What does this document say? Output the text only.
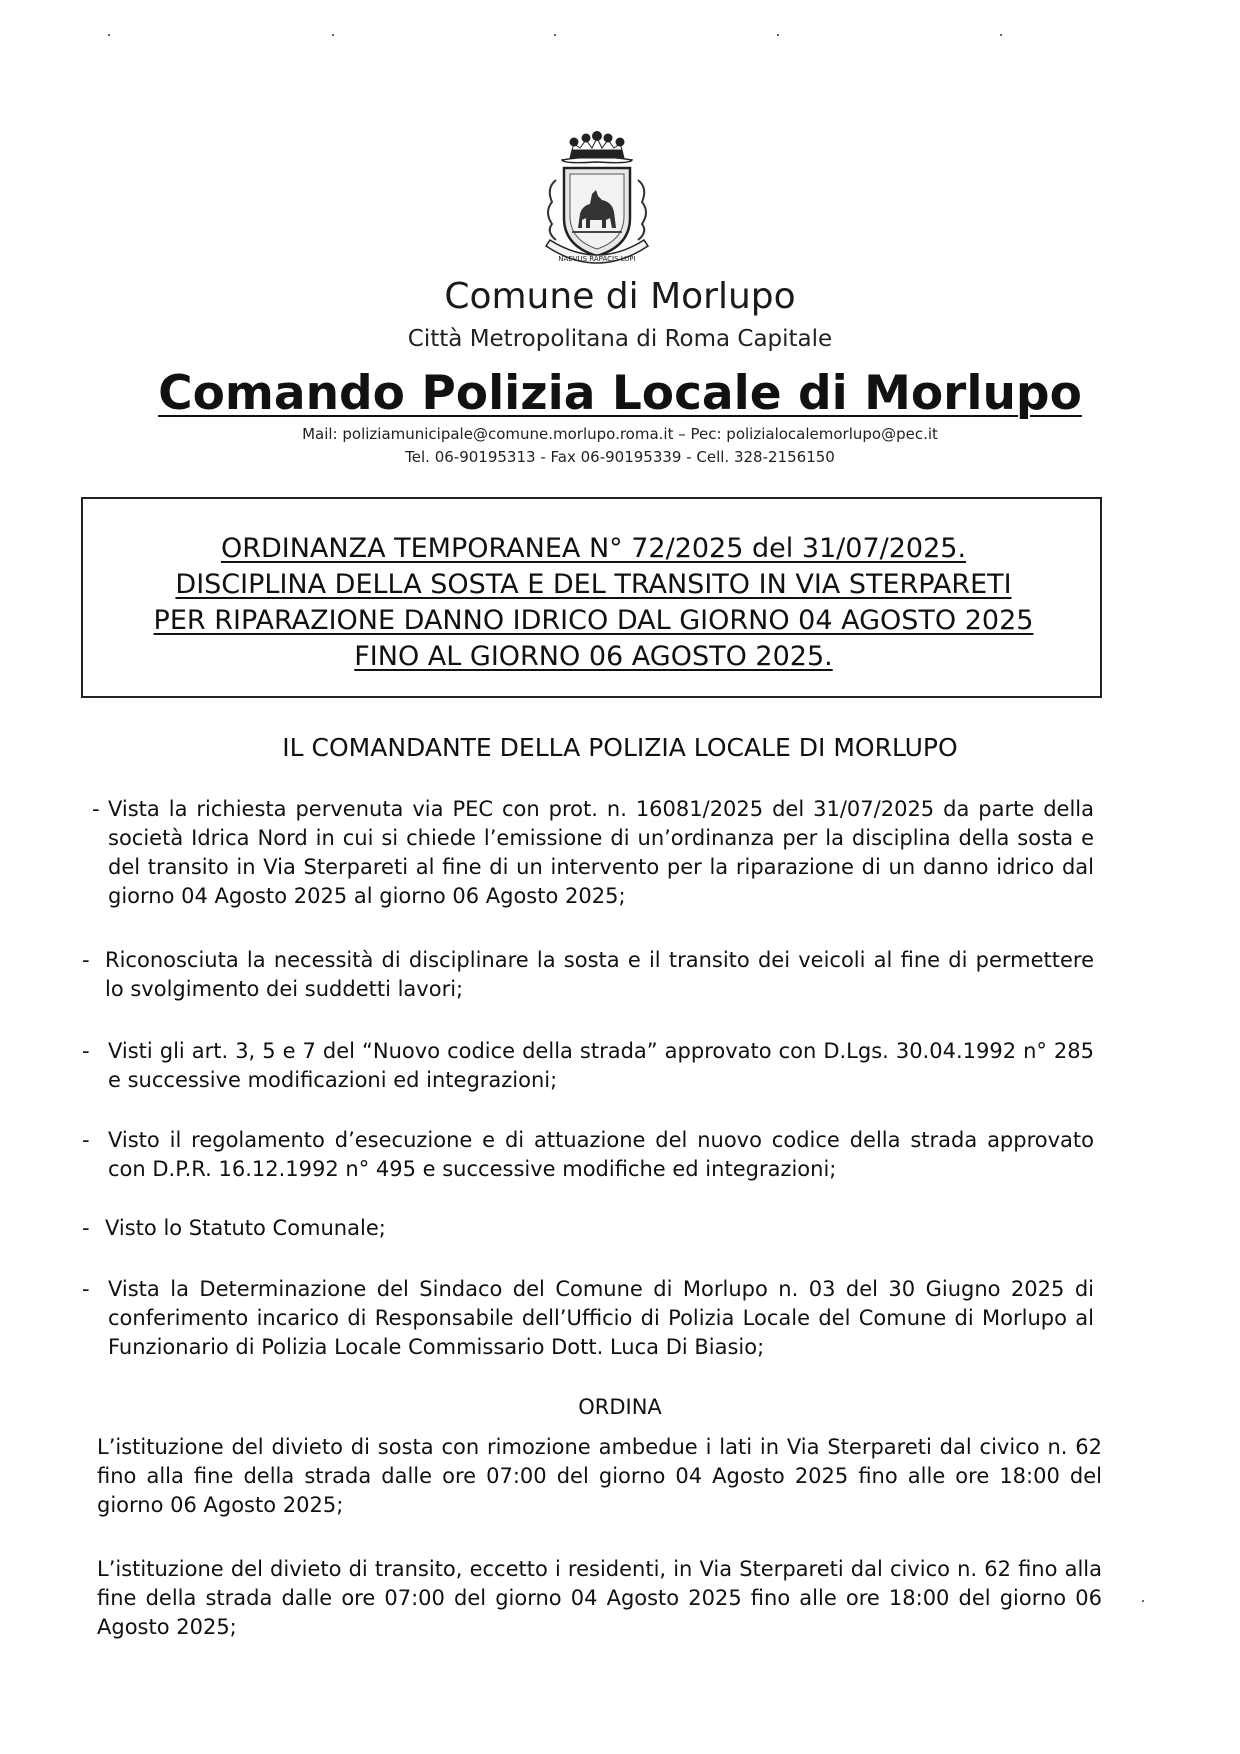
NAEVUS RAPACIS LUPI
Comune di Morlupo
Città Metropolitana di Roma Capitale
Comando Polizia Locale di Morlupo
Mail: poliziamunicipale@comune.morlupo.roma.it – Pec: polizialocalemorlupo@pec.it
Tel. 06-90195313 - Fax 06-90195339 - Cell. 328-2156150
ORDINANZA TEMPORANEA N° 72/2025 del 31/07/2025.
DISCIPLINA DELLA SOSTA E DEL TRANSITO IN VIA STERPARETI
PER RIPARAZIONE DANNO IDRICO DAL GIORNO 04 AGOSTO 2025
FINO AL GIORNO 06 AGOSTO 2025.
IL COMANDANTE DELLA POLIZIA LOCALE DI MORLUPO
- Vista la richiesta pervenuta via PEC con prot. n. 16081/2025 del 31/07/2025 da parte della società Idrica Nord in cui si chiede l’emissione di un’ordinanza per la disciplina della sosta e del transito in Via Sterpareti al fine di un intervento per la riparazione di un danno idrico dal giorno 04 Agosto 2025 al giorno 06 Agosto 2025;
- Riconosciuta la necessità di disciplinare la sosta e il transito dei veicoli al fine di permettere lo svolgimento dei suddetti lavori;
- Visti gli art. 3, 5 e 7 del “Nuovo codice della strada” approvato con D.Lgs. 30.04.1992 n° 285 e successive modificazioni ed integrazioni;
- Visto il regolamento d’esecuzione e di attuazione del nuovo codice della strada approvato con D.P.R. 16.12.1992 n° 495 e successive modifiche ed integrazioni;
- Visto lo Statuto Comunale;
- Vista la Determinazione del Sindaco del Comune di Morlupo n. 03 del 30 Giugno 2025 di conferimento incarico di Responsabile dell’Ufficio di Polizia Locale del Comune di Morlupo al Funzionario di Polizia Locale Commissario Dott. Luca Di Biasio;
ORDINA
L’istituzione del divieto di sosta con rimozione ambedue i lati in Via Sterpareti dal civico n. 62 fino alla fine della strada dalle ore 07:00 del giorno 04 Agosto 2025 fino alle ore 18:00 del giorno 06 Agosto 2025;
L’istituzione del divieto di transito, eccetto i residenti, in Via Sterpareti dal civico n. 62 fino alla fine della strada dalle ore 07:00 del giorno 04 Agosto 2025 fino alle ore 18:00 del giorno 06 Agosto 2025;
